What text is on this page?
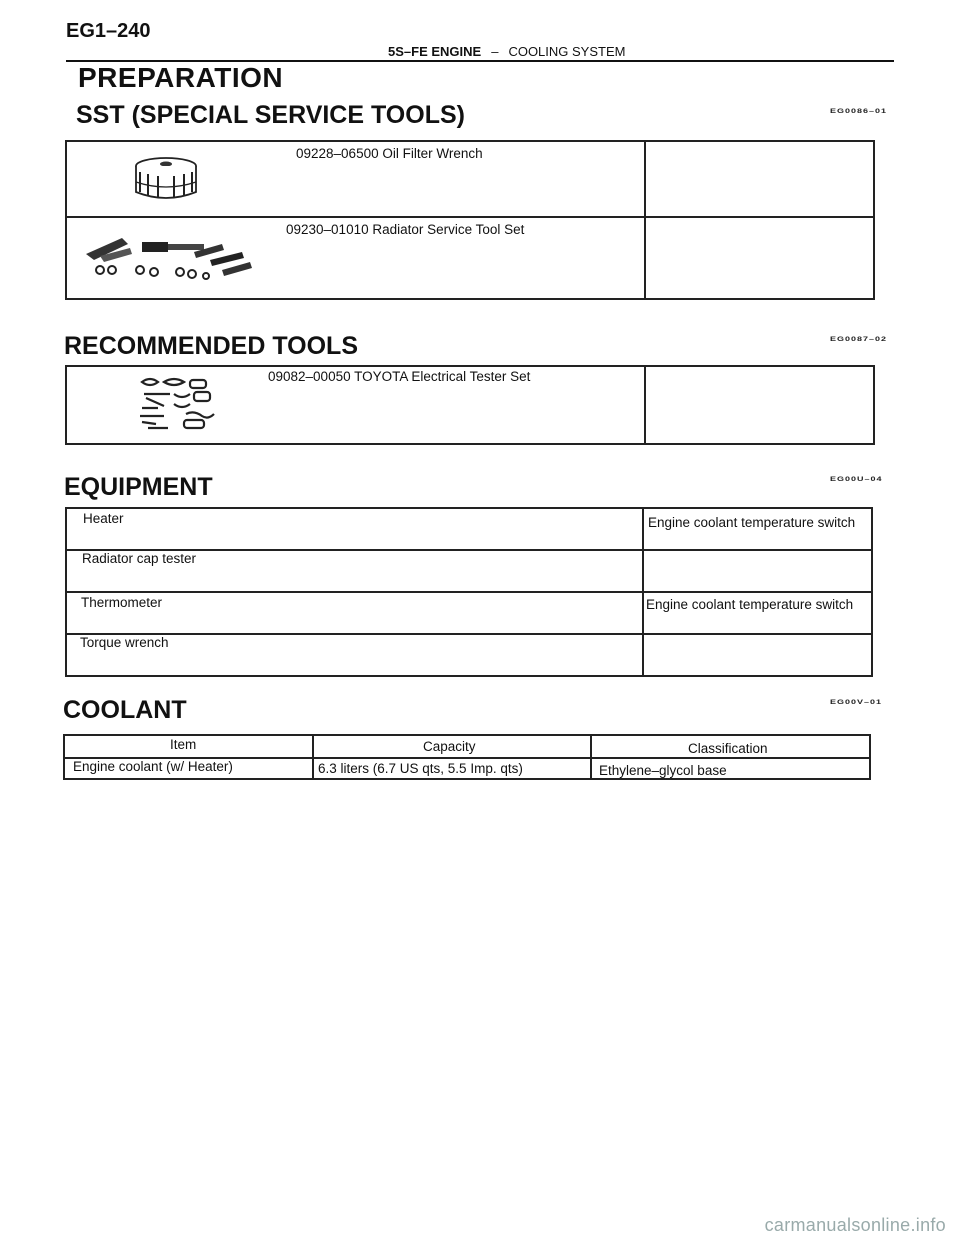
EG1–240
5S–FE ENGINE – COOLING SYSTEM
PREPARATION
SST (SPECIAL SERVICE TOOLS)	EG0086–01
09228–06500 Oil Filter Wrench
09230–01010 Radiator Service Tool Set
RECOMMENDED TOOLS	EG0087–02
09082–00050 TOYOTA Electrical Tester Set
EQUIPMENT	EG00U–04
Heater	Engine coolant temperature switch
Radiator cap tester
Thermometer	Engine coolant temperature switch
Torque wrench
COOLANT	EG00V–01
Item	Capacity	Classification
Engine coolant (w/ Heater)	6.3 liters (6.7 US qts, 5.5 Imp. qts)	Ethylene–glycol base
carmanualsonline.info
